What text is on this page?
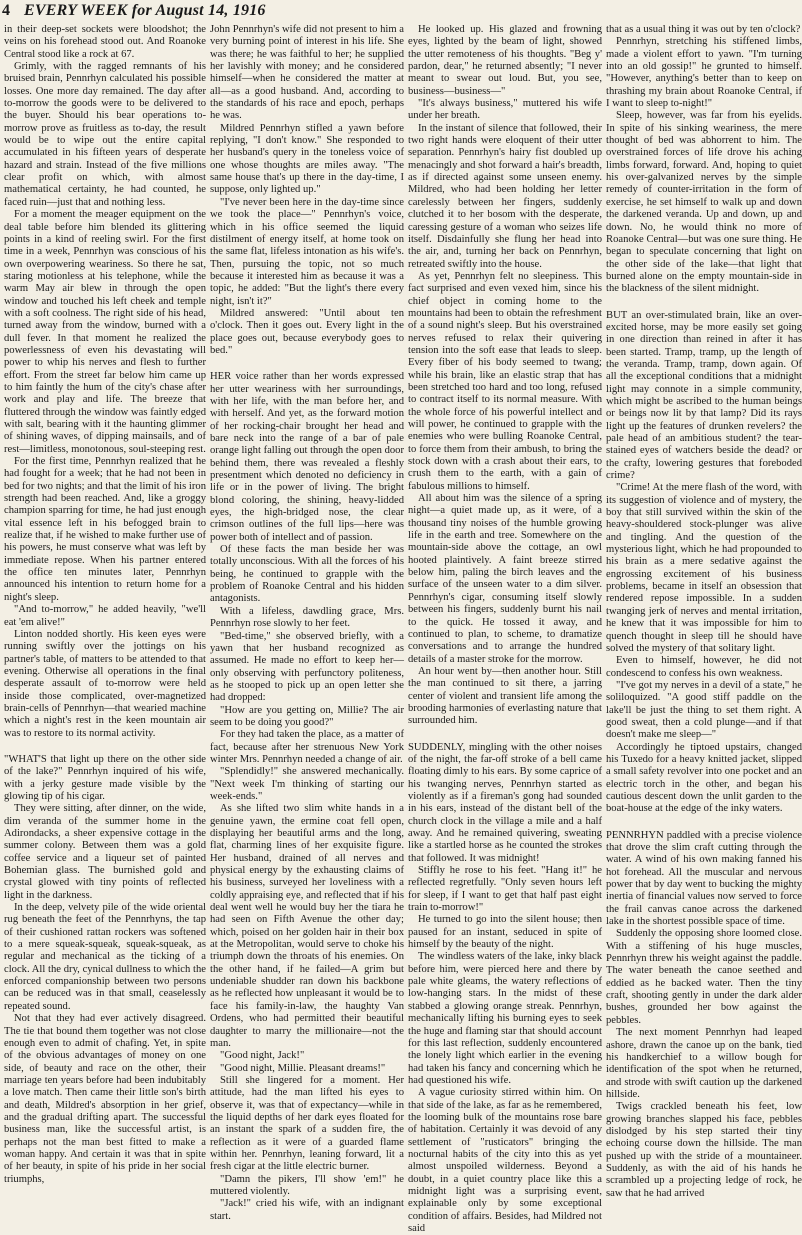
4 EVERY WEEK for August 14, 1916

in their deep-set sockets were bloodshot; the veins on his forehead stood out. And Roanoke Central stood like a rock at 67.

Grimly, with the ragged remnants of his bruised brain, Pennrhyn calculated his possible losses. One more day remained. The day after to-morrow the goods were to be delivered to the buyer. Should his bear operations to-morrow prove as fruitless as to-day, the result would be to wipe out the entire capital accumulated in his fifteen years of desperate hazard and strain. Instead of the five millions clear profit on which, with almost mathematical certainty, he had counted, he faced ruin—just that and nothing less.

For a moment the meager equipment on the deal table before him blended its glittering points in a kind of reeling swirl. For the first time in a week, Pennrhyn was conscious of his own overpowering weariness. So there he sat, staring motionless at his telephone, while the warm May air blew in through the open window and touched his left cheek and temple with a soft coolness. The right side of his head, turned away from the window, burned with a dull fever. In that moment he realized the powerlessness of even his devastating will power to whip his nerves and flesh to further effort. From the street far below him came up to him faintly the hum of the city's chase after work and play and life. The breeze that fluttered through the window was faintly edged with salt, bearing with it the haunting glimmer of shining waves, of dipping mainsails, and of rest—limitless, monotonous, soul-steeping rest.

For the first time, Pennrhyn realized that he had fought for a week; that he had not been in bed for two nights; and that the limit of his iron strength had been reached. And, like a groggy champion sparring for time, he had just enough vital essence left in his befogged brain to realize that, if he wished to make further use of his powers, he must conserve what was left by immediate repose. When his partner entered the office ten minutes later, Pennrhyn announced his intention to return home for a night's sleep.

"And to-morrow," he added heavily, "we'll eat 'em alive!"

Linton nodded shortly. His keen eyes were running swiftly over the jottings on his partner's table, of matters to be attended to that evening. Otherwise all operations in the final desperate assault of to-morrow were held inside those complicated, over-magnetized brain-cells of Pennrhyn—that wearied machine which a night's rest in the keen mountain air was to restore to its normal activity.

"WHAT'S that light up there on the other side of the lake?" Pennrhyn inquired of his wife, with a jerky gesture made visible by the glowing tip of his cigar.

They were sitting, after dinner, on the wide, dim veranda of the summer home in the Adirondacks, a sheer expensive cottage in the summer colony. Between them was a gold coffee service and a liqueur set of painted Bohemian glass. The burnished gold and crystal glowed with tiny points of reflected light in the darkness.

In the deep, velvety pile of the wide oriental rug beneath the feet of the Pennrhyns, the tap of their cushioned rattan rockers was softened to a mere squeak-squeak, squeak-squeak, as regular and mechanical as the ticking of a clock. All the dry, cynical dullness to which the enforced companionship between two persons can be reduced was in that small, ceaselessly repeated sound.

Not that they had ever actively disagreed. The tie that bound them together was not close enough even to admit of chafing. Yet, in spite of the obvious advantages of money on one side, of beauty and race on the other, their marriage ten years before had been indubitably a love match. Then came their little son's birth and death, Mildred's absorption in her grief, and the gradual drifting apart. The successful business man, like the successful artist, is perhaps not the man best fitted to make a woman happy. And certain it was that in spite of her beauty, in spite of his pride in her social triumphs,

John Pennrhyn's wife did not present to him a very burning point of interest in his life. She was there; he was faithful to her; he supplied her lavishly with money; and he considered himself—when he considered the matter at all—as a good husband. And, according to the standards of his race and epoch, perhaps he was.

Mildred Pennrhyn stifled a yawn before replying, "I don't know." She responded to her husband's query in the toneless voice of one whose thoughts are miles away. "The same house that's up there in the day-time, I suppose, only lighted up."

"I've never been here in the day-time since we took the place—" Pennrhyn's voice, which in his office seemed the liquid distilment of energy itself, at home took on the same flat, lifeless intonation as his wife's. Then, pursuing the topic, not so much because it interested him as because it was a topic, he added: "But the light's there every night, isn't it?"

Mildred answered: "Until about ten o'clock. Then it goes out. Every light in the place goes out, because everybody goes to bed."

HER voice rather than her words expressed her utter weariness with her surroundings, with her life, with the man before her, and with herself. And yet, as the forward motion of her rocking-chair brought her head and bare neck into the range of a bar of pale orange light falling out through the open door behind them, there was revealed a fleshly presentment which denoted no deficiency in life or in the power of living. The bright blond coloring, the shining, heavy-lidded eyes, the high-bridged nose, the clear crimson outlines of the full lips—here was power both of intellect and of passion.

Of these facts the man beside her was totally unconscious. With all the forces of his being, he continued to grapple with the problem of Roanoke Central and his hidden antagonists.

With a lifeless, dawdling grace, Mrs. Pennrhyn rose slowly to her feet.

"Bed-time," she observed briefly, with a yawn that her husband recognized as assumed. He made no effort to keep her—only observing with perfunctory politeness, as he stooped to pick up an open letter she had dropped:

"How are you getting on, Millie? The air seem to be doing you good?"

For they had taken the place, as a matter of fact, because after her strenuous New York winter Mrs. Pennrhyn needed a change of air.

"Splendidly!" she answered mechanically. "Next week I'm thinking of starting our week-ends."

As she lifted two slim white hands in a genuine yawn, the ermine coat fell open, displaying her beautiful arms and the long, flat, charming lines of her exquisite figure. Her husband, drained of all nerves and physical energy by the exhausting claims of his business, surveyed her loveliness with a coldly appraising eye, and reflected that if his deal went well he would buy her the tiara he had seen on Fifth Avenue the other day; which, poised on her golden hair in their box at the Metropolitan, would serve to choke his triumph down the throats of his enemies. On the other hand, if he failed—A grim but undeniable shudder ran down his backbone as he reflected how unpleasant it would be to face his family-in-law, the haughty Van Ordens, who had permitted their beautiful daughter to marry the millionaire—not the man.

"Good night, Jack!"

"Good night, Millie. Pleasant dreams!"

Still she lingered for a moment. Her attitude, had the man lifted his eyes to observe it, was that of expectancy—while in the liquid depths of her dark eyes floated for an instant the spark of a sudden fire, the reflection as it were of a guarded flame within her. Pennrhyn, leaning forward, lit a fresh cigar at the little electric burner.

"Damn the pikers, I'll show 'em!" he muttered violently.

"Jack!" cried his wife, with an indignant start.

He looked up. His glazed and frowning eyes, lighted by the beam of light, showed the utter remoteness of his thoughts. "Beg y' pardon, dear," he returned absently; "I never meant to swear out loud. But, you see, business—business—"

"It's always business," muttered his wife under her breath.

In the instant of silence that followed, their two right hands were eloquent of their utter separation. Pennrhyn's hairy fist doubled up menacingly and shot forward a hair's breadth, as if directed against some unseen enemy. Mildred, who had been holding her letter carelessly between her fingers, suddenly clutched it to her bosom with the desperate, caressing gesture of a woman who seizes life itself. Disdainfully she flung her head into the air, and, turning her back on Pennrhyn, retreated swiftly into the house.

As yet, Pennrhyn felt no sleepiness. This fact surprised and even vexed him, since his chief object in coming home to the mountains had been to obtain the refreshment of a sound night's sleep. But his overstrained nerves refused to relax their quivering tension into the soft ease that leads to sleep. Every fiber of his body seemed to twang; while his brain, like an elastic strap that has been stretched too hard and too long, refused to contract itself to its normal measure. With the whole force of his powerful intellect and will power, he continued to grapple with the enemies who were bulling Roanoke Central, to force them from their ambush, to bring the stock down with a crash about their ears, to crush them to the earth, with a gain of fabulous millions to himself.

All about him was the silence of a spring night—a quiet made up, as it were, of a thousand tiny noises of the humble growing life in the earth and tree. Somewhere on the mountain-side above the cottage, an owl hooted plaintively. A faint breeze stirred below him, paling the birch leaves and the surface of the unseen water to a dim silver. Pennrhyn's cigar, consuming itself slowly between his fingers, suddenly burnt his nail to the quick. He tossed it away, and continued to plan, to scheme, to dramatize conversations and to arrange the hundred details of a master stroke for the morrow.

An hour went by—then another hour. Still the man continued to sit there, a jarring center of violent and transient life among the brooding harmonies of everlasting nature that surrounded him.

SUDDENLY, mingling with the other noises of the night, the far-off stroke of a bell came floating dimly to his ears. By some caprice of his twanging nerves, Pennrhyn started as violently as if a fireman's gong had sounded in his ears, instead of the distant bell of the church clock in the village a mile and a half away. And he remained quivering, sweating like a startled horse as he counted the strokes that followed. It was midnight!

Stiffly he rose to his feet. "Hang it!" he reflected regretfully. "Only seven hours left for sleep, if I want to get that half past eight train to-morrow!"

He turned to go into the silent house; then paused for an instant, seduced in spite of himself by the beauty of the night.

The windless waters of the lake, inky black before him, were pierced here and there by pale white gleams, the watery reflections of low-hanging stars. In the midst of these stabbed a glowing orange streak. Pennrhyn, mechanically lifting his burning eyes to seek the huge and flaming star that should account for this last reflection, suddenly encountered the lonely light which earlier in the evening had taken his fancy and concerning which he had questioned his wife.

A vague curiosity stirred within him. On that side of the lake, as far as he remembered, the looming bulk of the mountains rose bare of habitation. Certainly it was devoid of any settlement of "rusticators" bringing the nocturnal habits of the city into this as yet almost unspoiled wilderness. Beyond a doubt, in a quiet country place like this a midnight light was a surprising event, explainable only by some exceptional condition of affairs. Besides, had Mildred not said

that as a usual thing it was out by ten o'clock?

Pennrhyn, stretching his stiffened limbs, made a violent effort to yawn. "I'm turning into an old gossip!" he grunted to himself. "However, anything's better than to keep on thrashing my brain about Roanoke Central, if I want to sleep to-night!"

Sleep, however, was far from his eyelids. In spite of his sinking weariness, the mere thought of bed was abhorrent to him. The overstrained forces of life drove his aching limbs forward, forward. And, hoping to quiet his over-galvanized nerves by the simple remedy of counter-irritation in the form of exercise, he set himself to walk up and down the darkened veranda. Up and down, up and down. No, he would think no more of Roanoke Central—but was one sure thing. He began to speculate concerning that light on the other side of the lake—that light that burned alone on the empty mountain-side in the blackness of the silent midnight.

BUT an over-stimulated brain, like an over-excited horse, may be more easily set going in one direction than reined in after it has been started. Tramp, tramp, up the length of the veranda. Tramp, tramp, down again. Of all the exceptional conditions that a midnight light may connote in a simple community, which might be ascribed to the human beings or beings now lit by that lamp? Did its rays light up the features of drunken revelers? the pale head of an ambitious student? the tear-stained eyes of watchers beside the dead? or the crafty, lowering gestures that foreboded crime?

"Crime! At the mere flash of the word, with its suggestion of violence and of mystery, the boy that still survived within the skin of the heavy-shouldered stock-plunger was alive and tingling. And the question of the mysterious light, which he had propounded to his brain as a mere sedative against the engrossing excitement of his business problems, became in itself an obsession that rendered repose impossible. In a sudden twanging jerk of nerves and mental irritation, he knew that it was impossible for him to quench thought in sleep till he should have solved the mystery of that solitary light.

Even to himself, however, he did not condescend to confess his own weakness.

"I've got my nerves in a devil of a state," he soliloquized. "A good stiff paddle on the lake'll be just the thing to set them right. A good sweat, then a cold plunge—and if that doesn't make me sleep—"

Accordingly he tiptoed upstairs, changed his Tuxedo for a heavy knitted jacket, slipped a small safety revolver into one pocket and an electric torch in the other, and began his cautious descent down the unlit garden to the boat-house at the edge of the inky waters.

PENNRHYN paddled with a precise violence that drove the slim craft cutting through the water. A wind of his own making fanned his hot forehead. All the muscular and nervous power that by day went to bucking the mighty inertia of financial values now served to force the frail canvas canoe across the darkened lake in the shortest possible space of time.

Suddenly the opposing shore loomed close. With a stiffening of his huge muscles, Pennrhyn threw his weight against the paddle. The water beneath the canoe seethed and eddied as he backed water. Then the tiny craft, shooting gently in under the dark alder bushes, grounded her bow against the pebbles.

The next moment Pennrhyn had leaped ashore, drawn the canoe up on the bank, tied his handkerchief to a willow bough for identification of the spot when he returned, and strode with swift caution up the darkened hillside.

Twigs crackled beneath his feet, low growing branches slapped his face, pebbles dislodged by his step started their tiny echoing course down the hillside. The man pushed up with the stride of a mountaineer. Suddenly, as with the aid of his hands he scrambled up a projecting ledge of rock, he saw that he had arrived
